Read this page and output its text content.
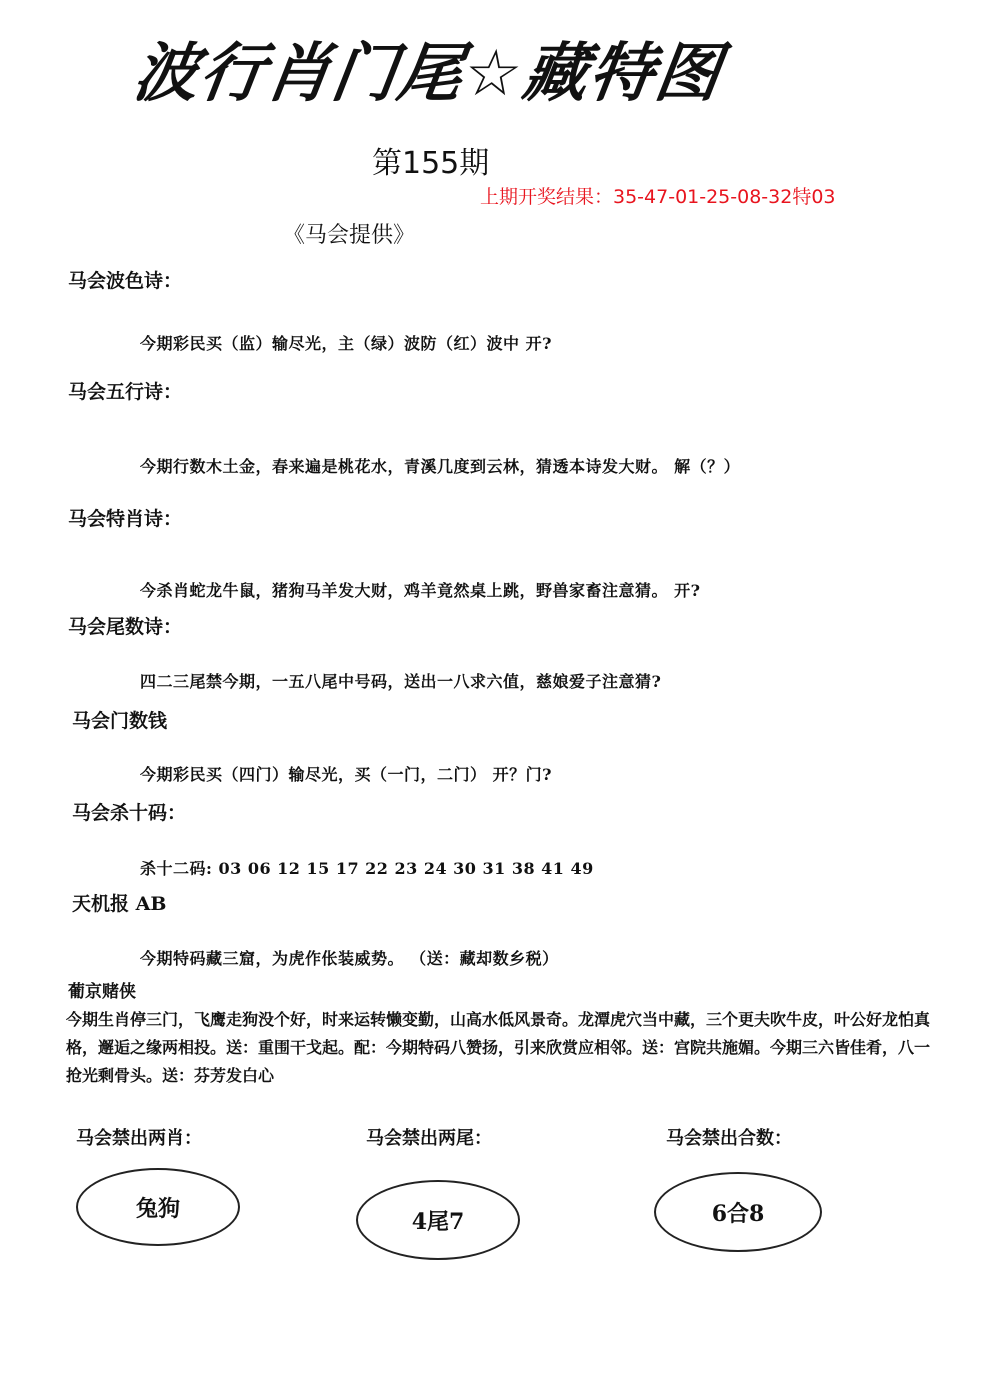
波行肖门尾☆藏特图
第155期
上期开奖结果：35-47-01-25-08-32特03
《马会提供》
马会波色诗：
今期彩民买（监）输尽光，主（绿）波防（红）波中 开?
马会五行诗：
今期行数木土金，春来遍是桃花水，青溪几度到云林，猜透本诗发大财。 解（？）
马会特肖诗：
今杀肖蛇龙牛鼠，猪狗马羊发大财，鸡羊竟然桌上跳，野兽家畜注意猜。 开?
马会尾数诗：
四二三尾禁今期，一五八尾中号码，送出一八求六值，慈娘爱子注意猜?
马会门数钱
今期彩民买（四门）输尽光，买（一门，二门） 开？门?
马会杀十码：
杀十二码: 03 06 12 15 17 22 23 24 30 31 38 41 49
天机报 AB
今期特码藏三窟，为虎作伥装威势。 （送：藏却数乡税）
葡京赌侠
今期生肖停三门，飞鹰走狗没个好，时来运转懒变勤，山高水低风景奇。龙潭虎穴当中藏，三个更夫吹牛皮，叶公好龙怕真格，邂逅之缘两相投。送：重围干戈起。配：今期特码八赞扬，引来欣赏应相邻。送：宫院共施媚。今期三六皆佳肴，八一抢光剩骨头。送：芬芳发白心
马会禁出两肖：	马会禁出两尾：	马会禁出合数：
兔狗	4尾7	6合8
